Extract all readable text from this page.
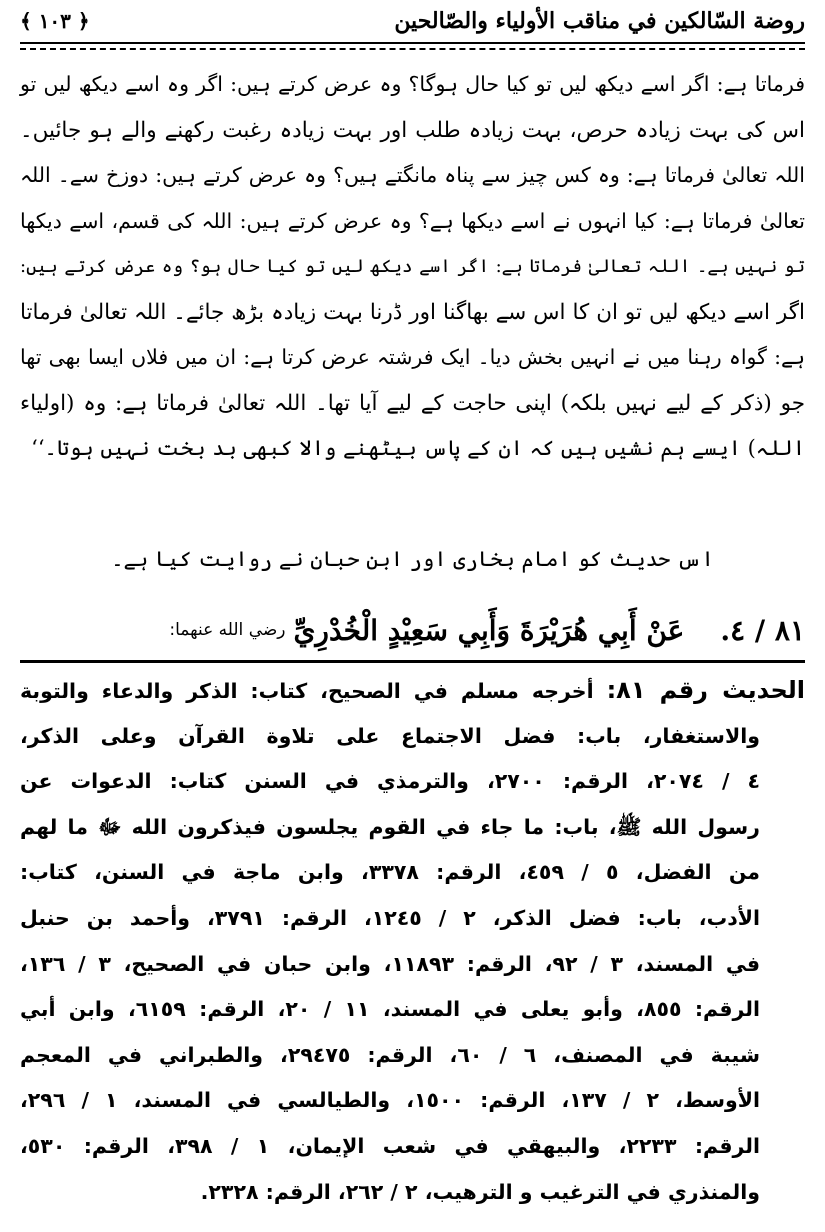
روضة السّالكين في مناقب الأولياء والصّالحين
﴿ ١٠٣ ﴾
فرماتا ہے: اگر اسے دیکھ لیں تو کیا حال ہوگا؟ وہ عرض کرتے ہیں: اگر وہ اسے دیکھ لیں تو
اس کی بہت زیادہ حرص، بہت زیادہ طلب اور بہت زیادہ رغبت رکھنے والے ہو جائیں۔
اللہ تعالیٰ فرماتا ہے: وہ کس چیز سے پناہ مانگتے ہیں؟ وہ عرض کرتے ہیں: دوزخ سے۔ اللہ
تعالیٰ فرماتا ہے: کیا انہوں نے اسے دیکھا ہے؟ وہ عرض کرتے ہیں: اللہ کی قسم، اسے دیکھا
تو نہیں ہے۔ اللہ تعالیٰ فرماتا ہے: اگر اسے دیکھ لیں تو کیا حال ہو؟ وہ عرض کرتے ہیں:
اگر اسے دیکھ لیں تو ان کا اس سے بھاگنا اور ڈرنا بہت زیادہ بڑھ جائے۔ اللہ تعالیٰ فرماتا
ہے: گواہ رہنا میں نے انہیں بخش دیا۔ ایک فرشتہ عرض کرتا ہے: ان میں فلاں ایسا بھی تھا
جو (ذکر کے لیے نہیں بلکہ) اپنی حاجت کے لیے آیا تھا۔ اللہ تعالیٰ فرماتا ہے: وہ (اولیاء
اللہ) ایسے ہم نشیں ہیں کہ ان کے پاس بیٹھنے والا کبھی بد بخت نہیں ہوتا۔‘‘
اس حدیث کو امام بخاری اور ابن حبان نے روایت کیا ہے۔
٨١ / ٤.
عَنْ أَبِي هُرَيْرَةَ وَأَبِي سَعِيْدٍ الْخُدْرِيِّ
رضي الله عنهما:
الحديث رقم ٨١: أخرجه مسلم في الصحيح، كتاب: الذكر والدعاء والتوبة
والاستغفار، باب: فضل الاجتماع على تلاوة القرآن وعلى الذكر،
٤ / ٢٠٧٤، الرقم: ٢٧٠٠، والترمذي في السنن كتاب: الدعوات عن
رسول الله ﷺ، باب: ما جاء في القوم يجلسون فيذكرون الله ﷻ ما لهم
من الفضل، ٥ / ٤٥٩، الرقم: ٣٣٧٨، وابن ماجة في السنن، كتاب:
الأدب، باب: فضل الذكر، ٢ / ١٢٤٥، الرقم: ٣٧٩١، وأحمد بن حنبل
في المسند، ٣ / ٩٢، الرقم: ١١٨٩٣، وابن حبان في الصحيح، ٣ / ١٣٦،
الرقم: ٨٥٥، وأبو يعلى في المسند، ١١ / ٢٠، الرقم: ٦١٥٩، وابن أبي
شيبة في المصنف، ٦ / ٦٠، الرقم: ٢٩٤٧٥، والطبراني في المعجم
الأوسط، ٢ / ١٣٧، الرقم: ١٥٠٠، والطيالسي في المسند، ١ / ٢٩٦،
الرقم: ٢٢٣٣، والبيهقي في شعب الإيمان، ١ / ٣٩٨، الرقم: ٥٣٠،
والمنذري في الترغيب و الترهيب، ٢ / ٢٦٢، الرقم: ٢٣٢٨.
